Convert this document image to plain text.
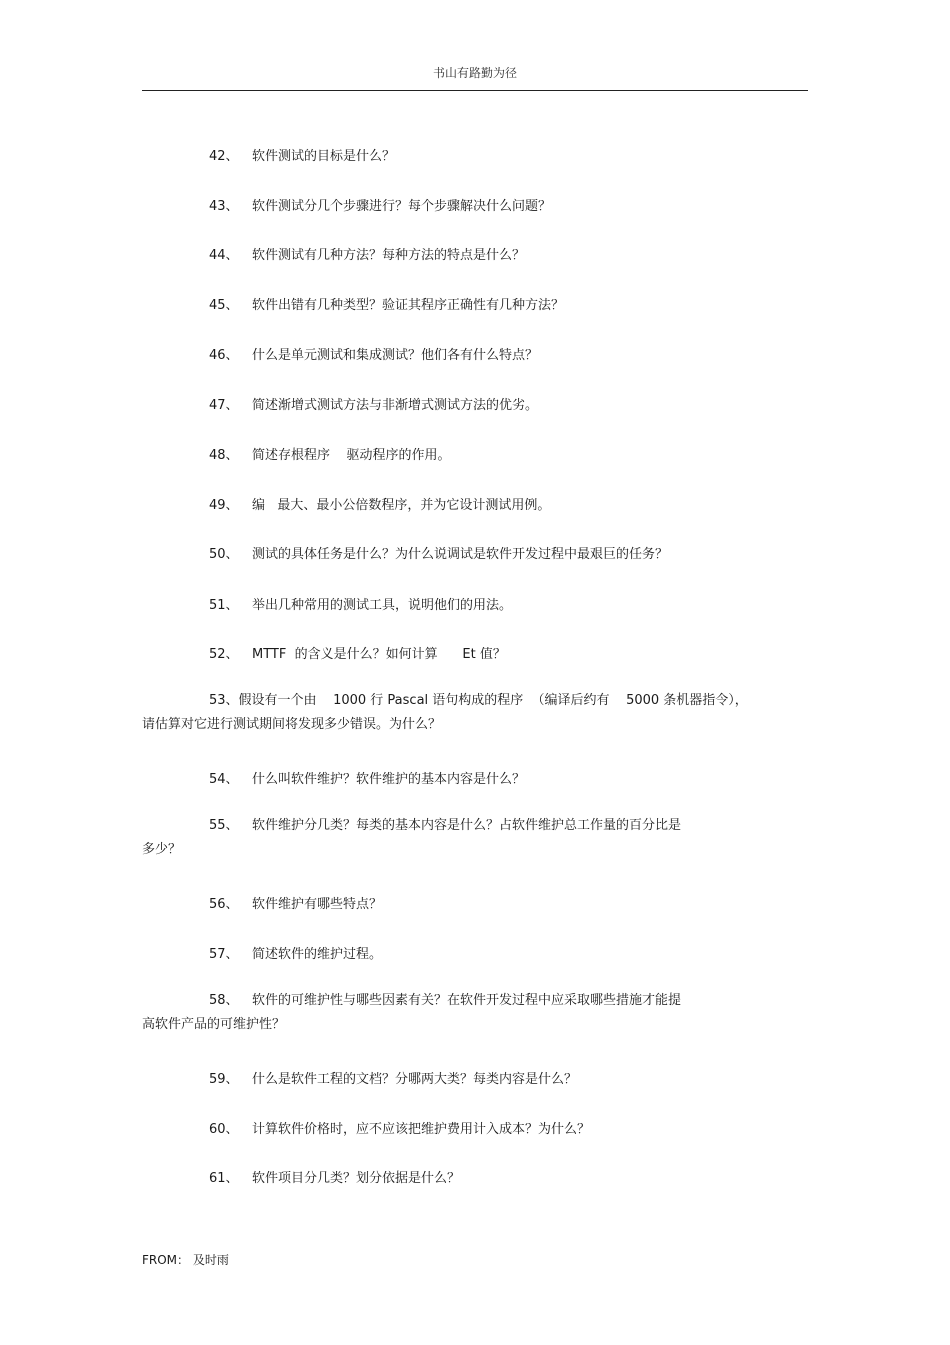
书山有路勤为径
42、 软件测试的目标是什么？
43、 软件测试分几个步骤进行？每个步骤解决什么问题？
44、 软件测试有几种方法？每种方法的特点是什么？
45、 软件出错有几种类型？验证其程序正确性有几种方法？
46、 什么是单元测试和集成测试？他们各有什么特点？
47、 简述渐增式测试方法与非渐增式测试方法的优劣。
48、 简述存根程序    驱动程序的作用。
49、 编   最大、最小公倍数程序，并为它设计测试用例。
50、 测试的具体任务是什么？为什么说调试是软件开发过程中最艰巨的任务？
51、 举出几种常用的测试工具，说明他们的用法。
52、 MTTF  的含义是什么？如何计算      Et 值？
53、假设有一个由    1000 行 Pascal 语句构成的程序  （编译后约有    5000 条机器指令），
请估算对它进行测试期间将发现多少错误。为什么？
54、 什么叫软件维护？软件维护的基本内容是什么？
55、 软件维护分几类？每类的基本内容是什么？占软件维护总工作量的百分比是
多少？
56、 软件维护有哪些特点？
57、 简述软件的维护过程。
58、 软件的可维护性与哪些因素有关？在软件开发过程中应采取哪些措施才能提
高软件产品的可维护性？
59、 什么是软件工程的文档？分哪两大类？每类内容是什么？
60、 计算软件价格时，应不应该把维护费用计入成本？为什么？
61、 软件项目分几类？划分依据是什么？
FROM： 及时雨
